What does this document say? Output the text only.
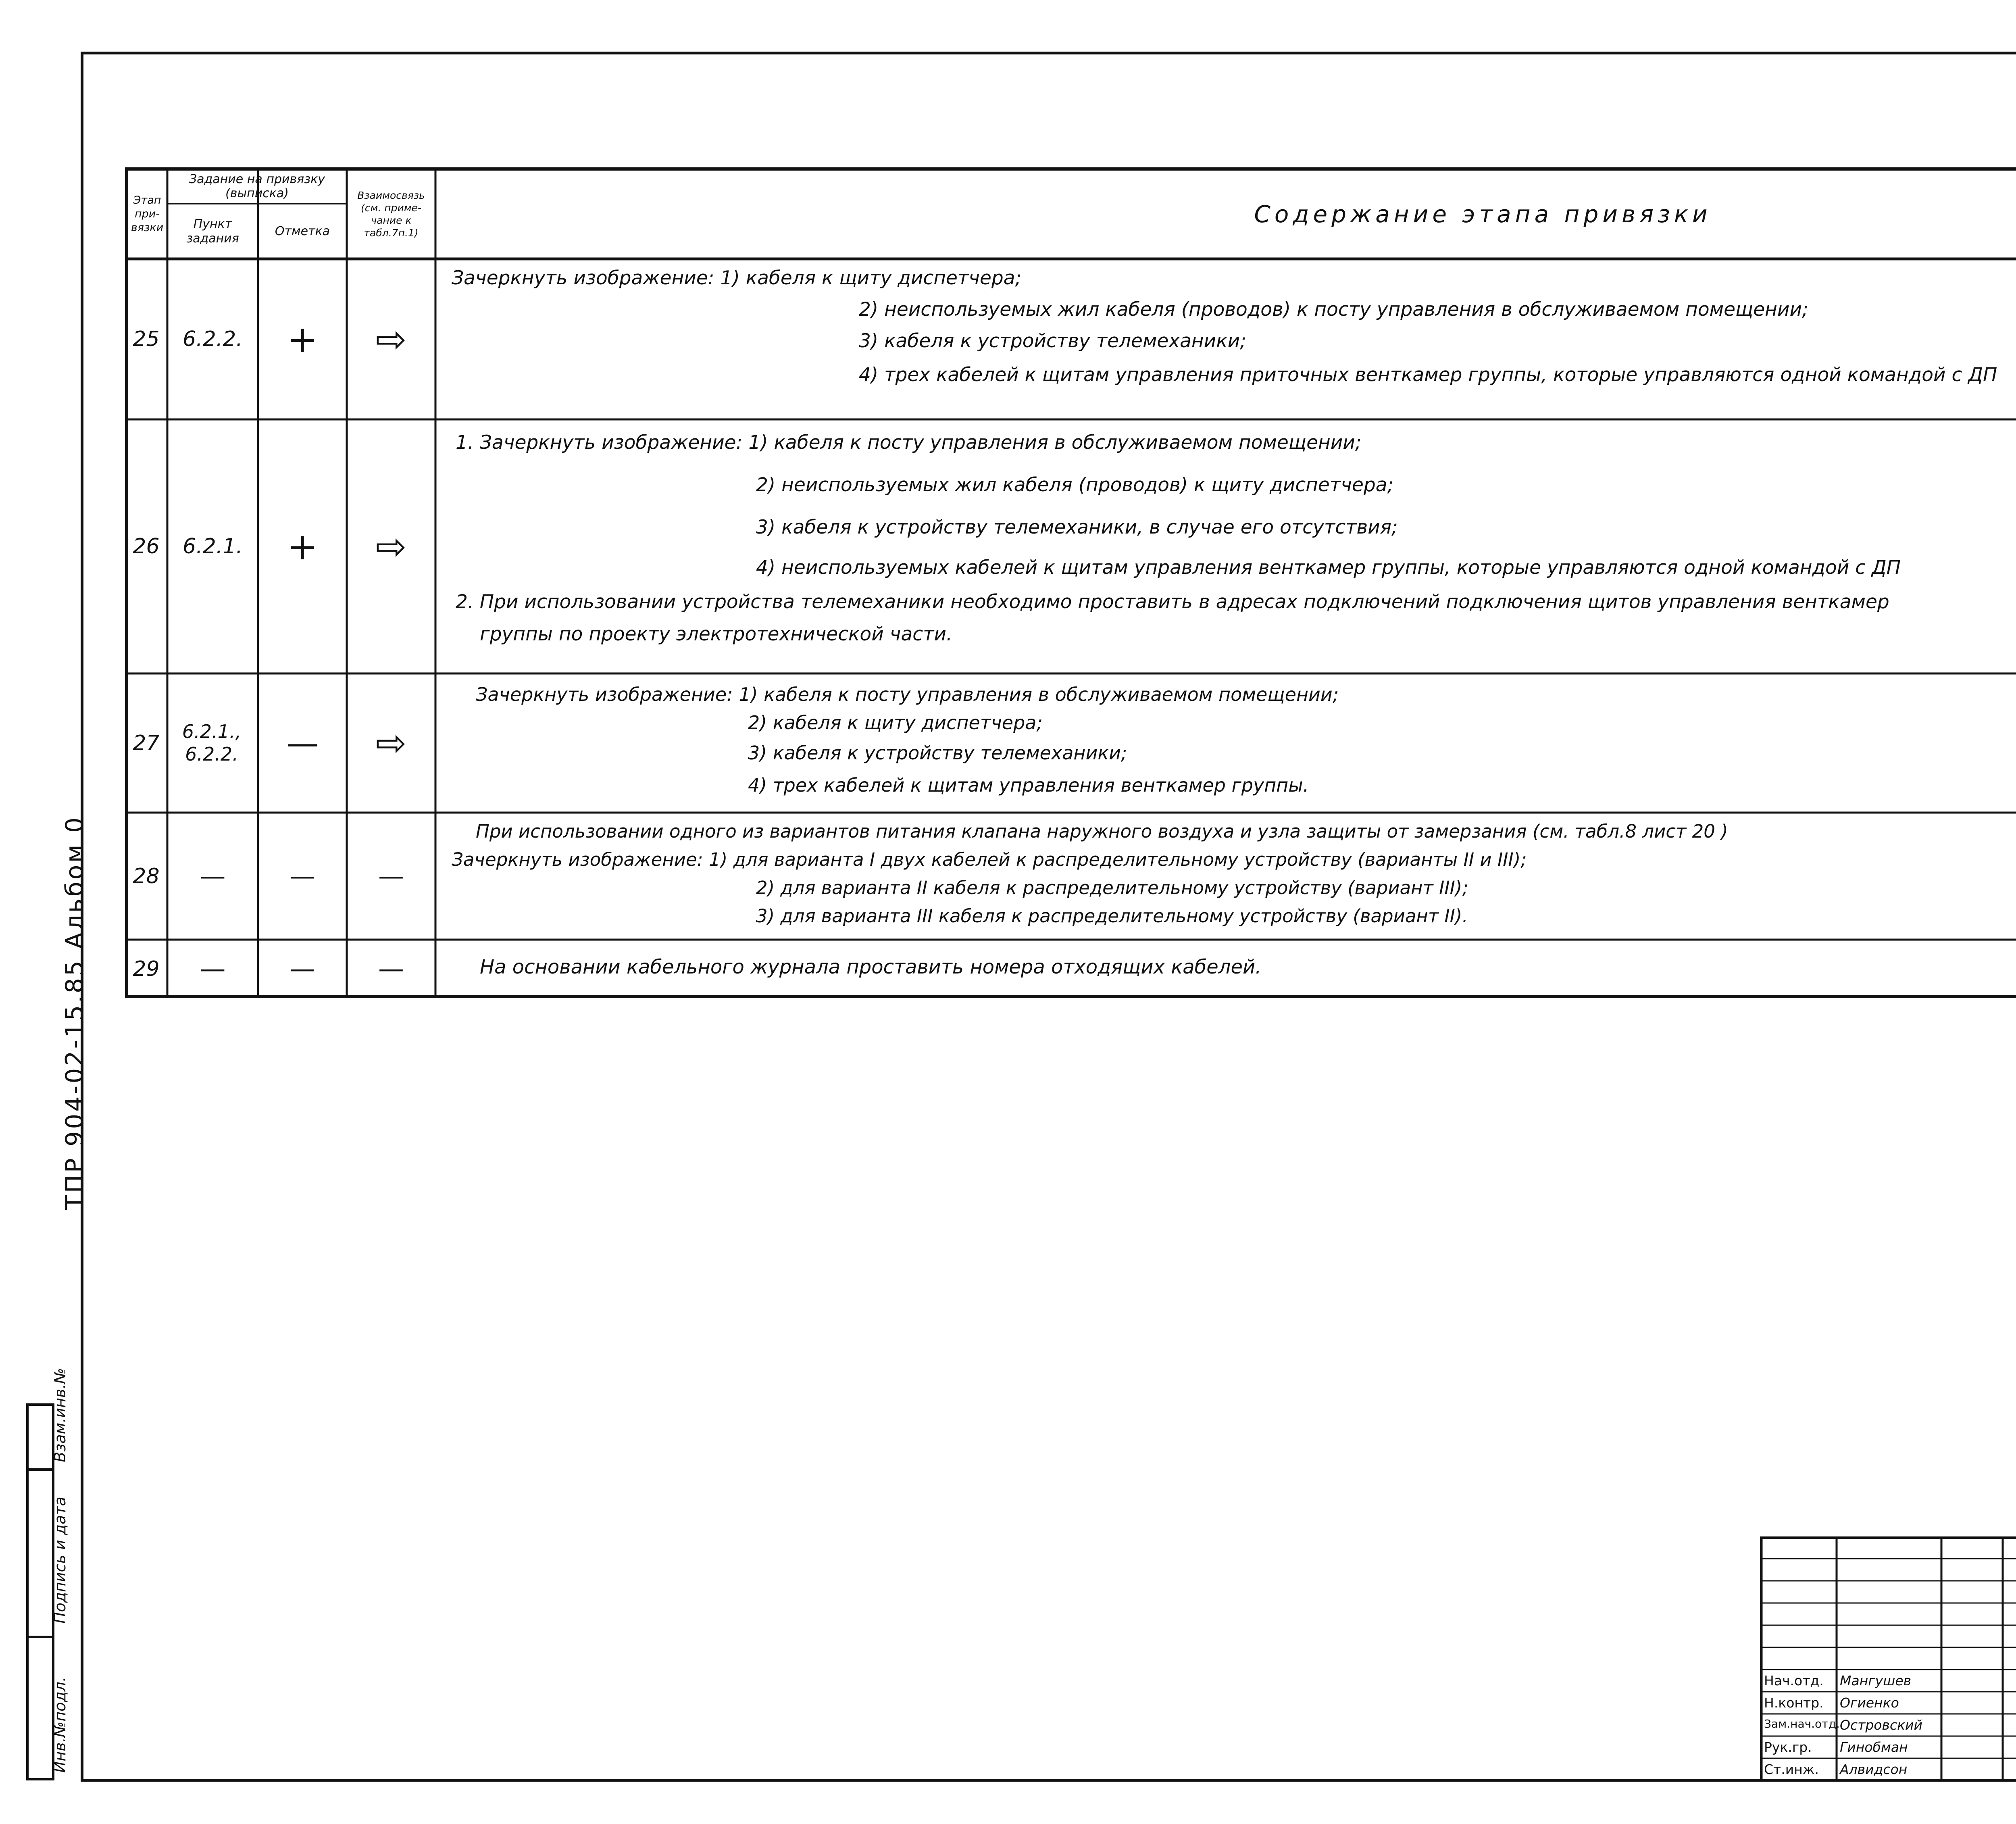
ТПР 904-02-15.85 Альбом 0
Взам.инв.№
Подпись и дата
Инв.№подл.
Этап при-вязки
Задание на привязку (выписка)
Пункт задания	Отметка
Взаимосвязь (см. приме-чание к табл.7п.1)
Содержание этапа привязки
25	6.2.2.	+	⇨
Зачеркнуть изображение: 1) кабеля к щиту диспетчера;
2) неиспользуемых жил кабеля (проводов) к посту управления в обслуживаемом помещении;
3) кабеля к устройству телемеханики;
4) трех кабелей к щитам управления приточных венткамер группы, которые управляются одной командой с ДП
26	6.2.1.	+	⇨
1. Зачеркнуть изображение: 1) кабеля к посту управления в обслуживаемом помещении;
2) неиспользуемых жил кабеля (проводов) к щиту диспетчера;
3) кабеля к устройству телемеханики, в случае его отсутствия;
4) неиспользуемых кабелей к щитам управления венткамер группы, которые управляются одной командой с ДП
2. При использовании устройства телемеханики необходимо проставить в адресах подключений подключения щитов управления венткамер
группы по проекту электротехнической части.
27	6.2.1., 6.2.2.	—	⇨
Зачеркнуть изображение: 1) кабеля к посту управления в обслуживаемом помещении;
2) кабеля к щиту диспетчера;
3) кабеля к устройству телемеханики;
4) трех кабелей к щитам управления венткамер группы.
28	—	—	—
При использовании одного из вариантов питания клапана наружного воздуха и узла защиты от замерзания (см. табл.8 лист 20 )
Зачеркнуть изображение: 1) для варианта I двух кабелей к распределительному устройству (варианты II и III);
2) для варианта II кабеля к распределительному устройству (вариант III);
3) для варианта III кабеля к распределительному устройству (вариант II).
29	—	—	—	На основании кабельного журнала проставить номера отходящих кабелей.
Нач.отд. Мангушев
Н.контр. Огиенко
Зам.нач.отд. Островский
Рук.гр. Гинобман
Ст.инж. Алвидсон
